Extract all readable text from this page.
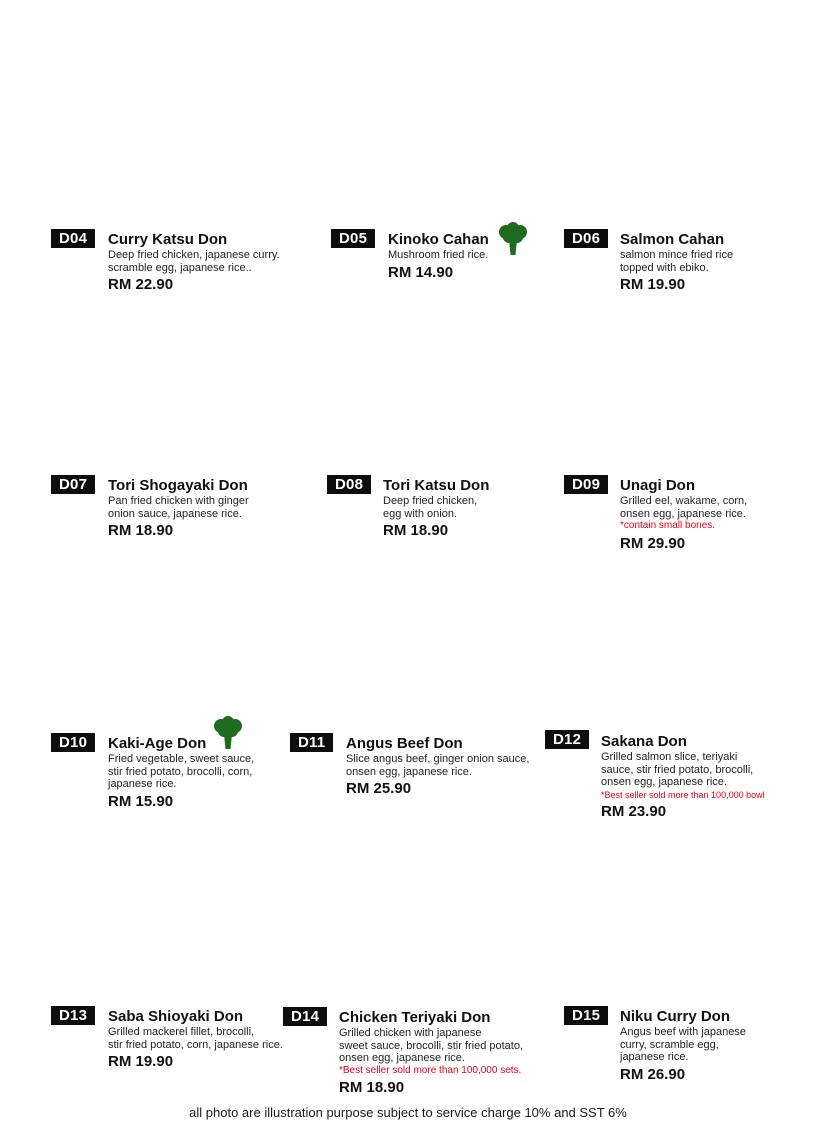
D04	Curry Katsu Don
Deep fried chicken, japanese curry.
scramble egg, japanese rice..
RM 22.90
D05	Kinoko Cahan
Mushroom fried rice.
RM 14.90
D06	Salmon Cahan
salmon mince fried rice
topped with ebiko.
RM 19.90
D07	Tori Shogayaki Don
Pan fried chicken with ginger
onion sauce, japanese rice.
RM 18.90
D08	Tori Katsu Don
Deep fried chicken,
egg with onion.
RM 18.90
D09	Unagi Don
Grilled eel, wakame, corn,
onsen egg, japanese rice.
*contain small bones.
RM 29.90
D10	Kaki-Age Don
Fried vegetable, sweet sauce,
stir fried potato, brocolli, corn,
japanese rice.
RM 15.90
D11	Angus Beef Don
Slice angus beef, ginger onion sauce,
onsen egg, japanese rice.
RM 25.90
D12	Sakana Don
Grilled salmon slice, teriyaki
sauce, stir fried potato, brocolli,
onsen egg, japanese rice.
*Best seller sold more than 100,000 bowl
RM 23.90
D13	Saba Shioyaki Don
Grilled mackerel fillet, brocolli,
stir fried potato, corn, japanese rice.
RM 19.90
D14	Chicken Teriyaki Don
Grilled chicken with japanese
sweet sauce, brocolli, stir fried potato,
onsen egg, japanese rice.
*Best seller sold more than 100,000 sets.
RM 18.90
D15	Niku Curry Don
Angus beef with japanese
curry, scramble egg,
japanese rice.
RM 26.90
all photo are illustration purpose subject to service charge 10% and SST 6%
